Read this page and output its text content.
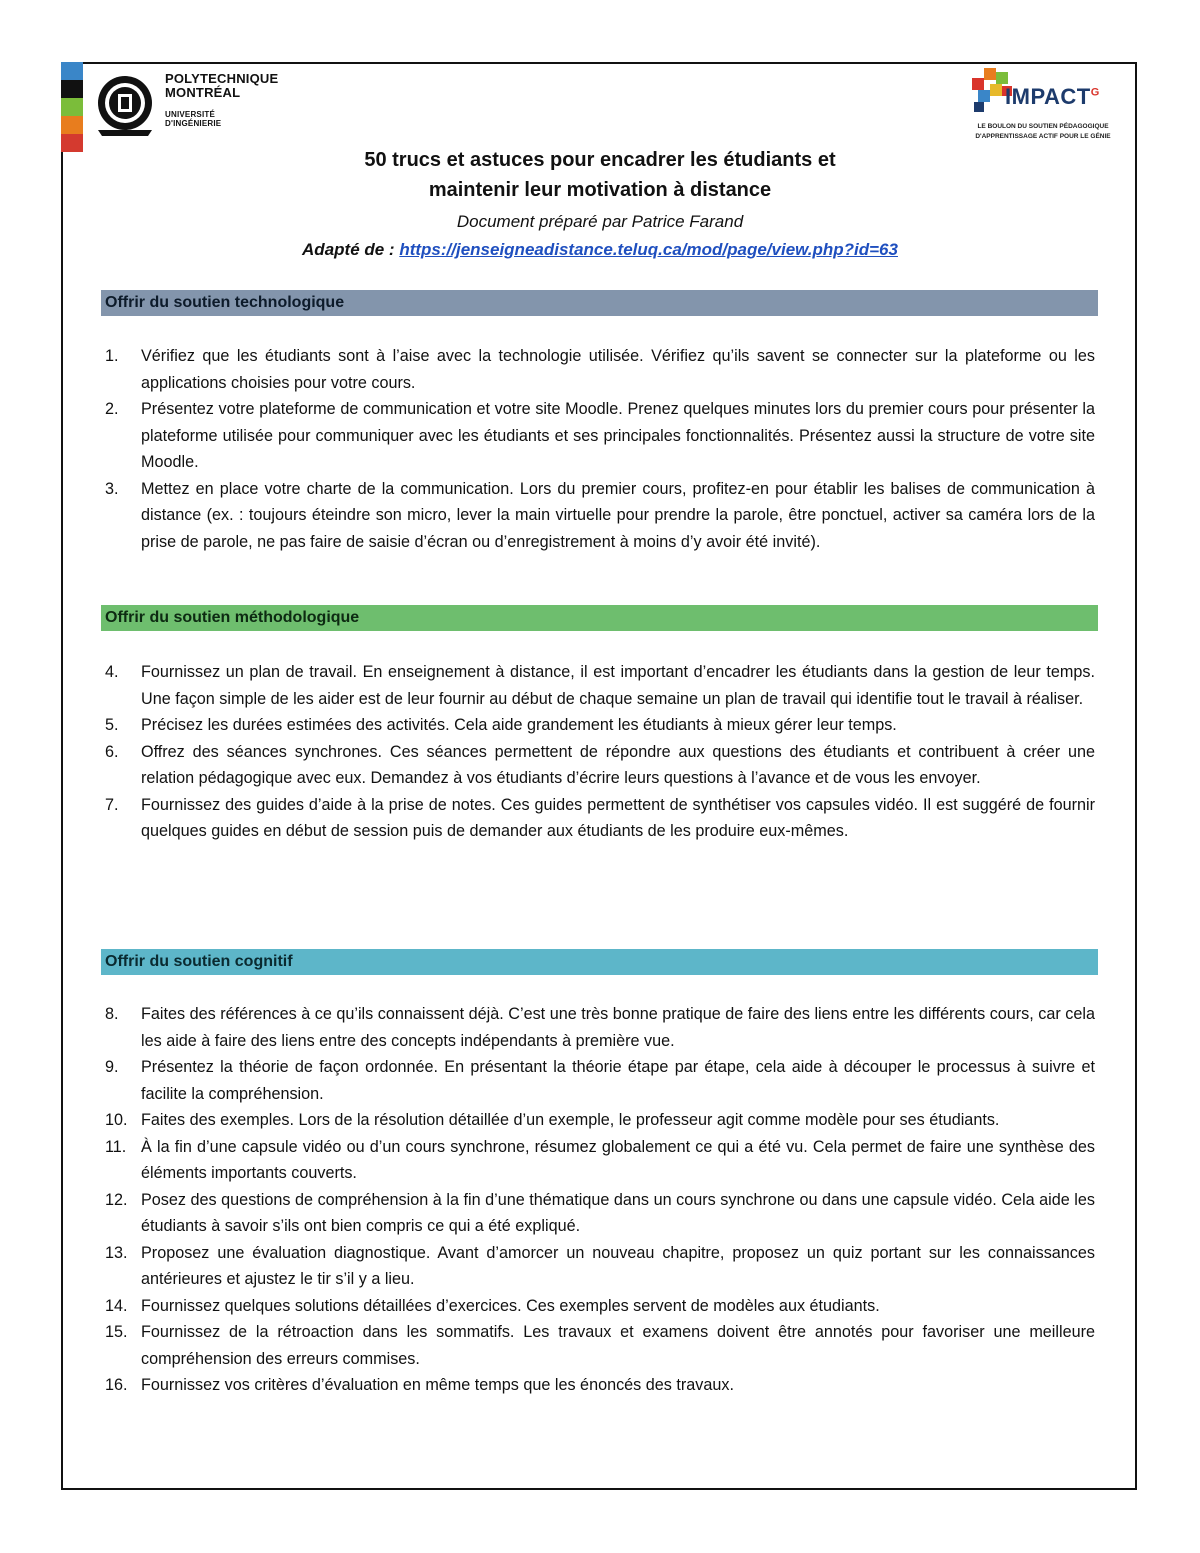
POLYTECHNIQUE
MONTRÉAL
UNIVERSITÉ
D'INGÉNIERIE
$IMPACT^G$
LE BOULON DU SOUTIEN PÉDAGOGIQUE
D'APPRENTISSAGE ACTIF POUR LE GÉNIE
50 trucs et astuces pour encadrer les étudiants et
maintenir leur motivation à distance
Document préparé par Patrice Farand
Adapté de : https://jenseigneadistance.teluq.ca/mod/page/view.php?id=63
Offrir du soutien technologique
1. Vérifiez que les étudiants sont à l’aise avec la technologie utilisée. Vérifiez qu’ils savent se connecter sur la plateforme ou les applications choisies pour votre cours.
2. Présentez votre plateforme de communication et votre site Moodle. Prenez quelques minutes lors du premier cours pour présenter la plateforme utilisée pour communiquer avec les étudiants et ses principales fonctionnalités. Présentez aussi la structure de votre site Moodle.
3. Mettez en place votre charte de la communication. Lors du premier cours, profitez-en pour établir les balises de communication à distance (ex. : toujours éteindre son micro, lever la main virtuelle pour prendre la parole, être ponctuel, activer sa caméra lors de la prise de parole, ne pas faire de saisie d’écran ou d’enregistrement à moins d’y avoir été invité).
Offrir du soutien méthodologique
4. Fournissez un plan de travail. En enseignement à distance, il est important d’encadrer les étudiants dans la gestion de leur temps. Une façon simple de les aider est de leur fournir au début de chaque semaine un plan de travail qui identifie tout le travail à réaliser.
5. Précisez les durées estimées des activités. Cela aide grandement les étudiants à mieux gérer leur temps.
6. Offrez des séances synchrones. Ces séances permettent de répondre aux questions des étudiants et contribuent à créer une relation pédagogique avec eux. Demandez à vos étudiants d’écrire leurs questions à l’avance et de vous les envoyer.
7. Fournissez des guides d’aide à la prise de notes. Ces guides permettent de synthétiser vos capsules vidéo. Il est suggéré de fournir quelques guides en début de session puis de demander aux étudiants de les produire eux-mêmes.
Offrir du soutien cognitif
8. Faites des références à ce qu’ils connaissent déjà. C’est une très bonne pratique de faire des liens entre les différents cours, car cela les aide à faire des liens entre des concepts indépendants à première vue.
9. Présentez la théorie de façon ordonnée. En présentant la théorie étape par étape, cela aide à découper le processus à suivre et facilite la compréhension.
10. Faites des exemples. Lors de la résolution détaillée d’un exemple, le professeur agit comme modèle pour ses étudiants.
11. À la fin d’une capsule vidéo ou d’un cours synchrone, résumez globalement ce qui a été vu. Cela permet de faire une synthèse des éléments importants couverts.
12. Posez des questions de compréhension à la fin d’une thématique dans un cours synchrone ou dans une capsule vidéo. Cela aide les étudiants à savoir s’ils ont bien compris ce qui a été expliqué.
13. Proposez une évaluation diagnostique. Avant d’amorcer un nouveau chapitre, proposez un quiz portant sur les connaissances antérieures et ajustez le tir s’il y a lieu.
14. Fournissez quelques solutions détaillées d’exercices. Ces exemples servent de modèles aux étudiants.
15. Fournissez de la rétroaction dans les sommatifs. Les travaux et examens doivent être annotés pour favoriser une meilleure compréhension des erreurs commises.
16. Fournissez vos critères d’évaluation en même temps que les énoncés des travaux.
